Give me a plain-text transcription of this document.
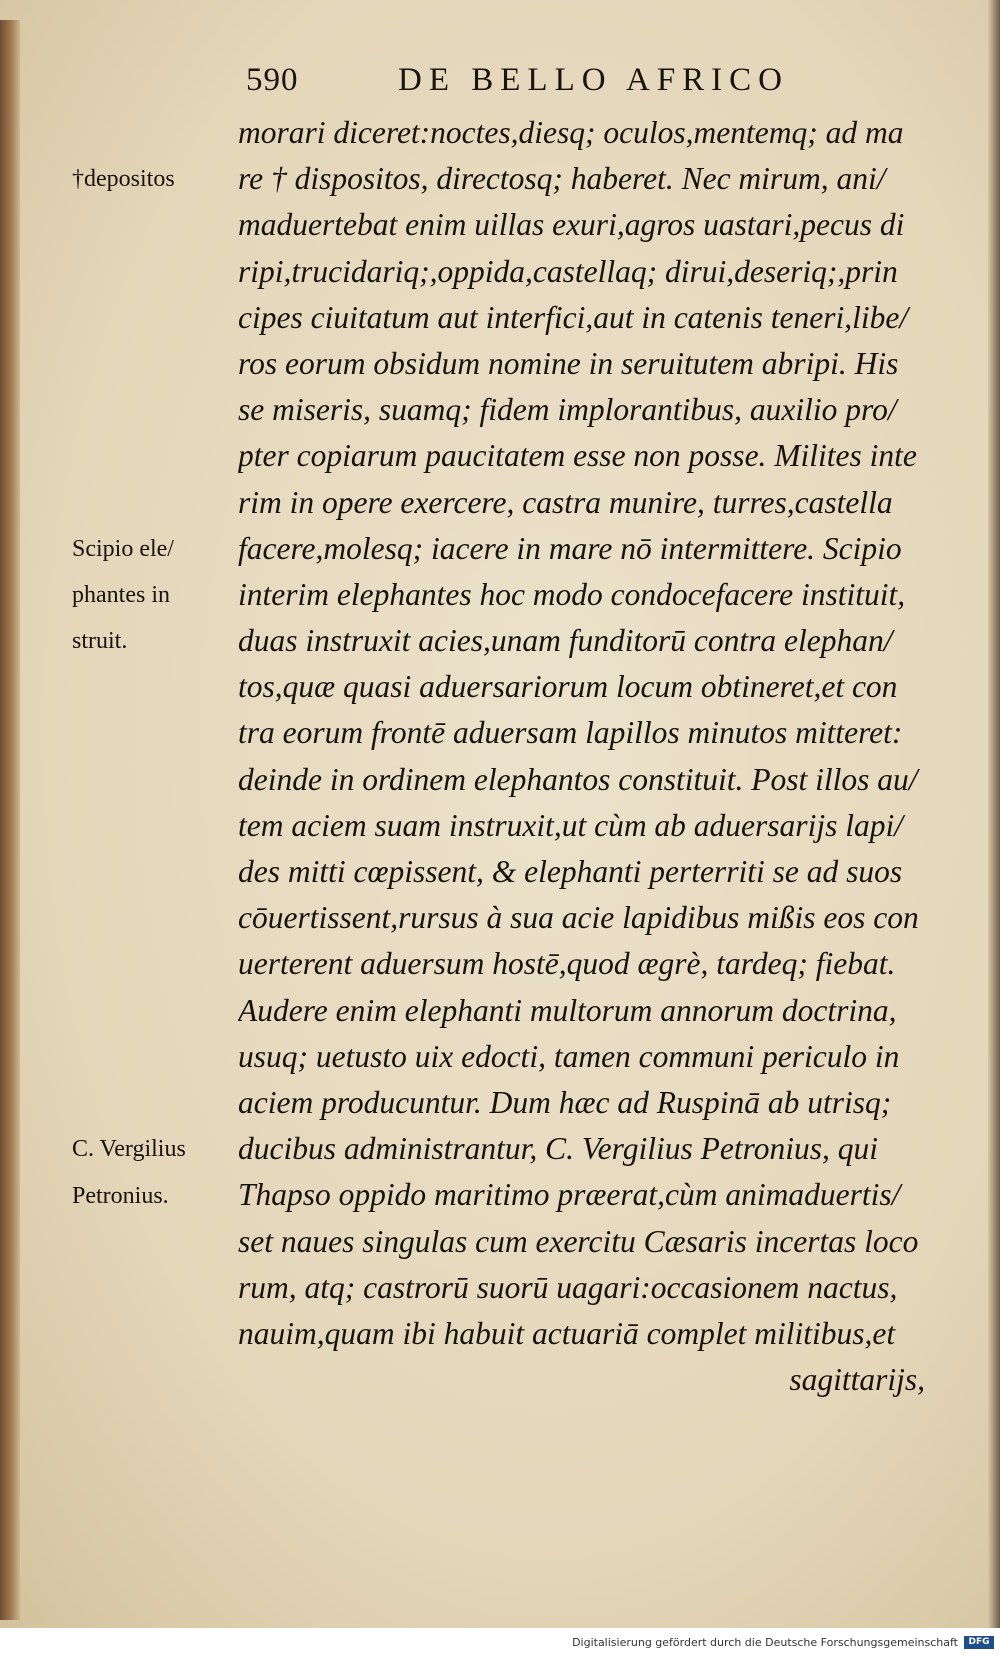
590	DE BELLO AFRICO
morari diceret:noctes,diesq; oculos,mentemq; ad ma
re † dispositos, directosq; haberet. Nec mirum, ani/
maduertebat enim uillas exuri,agros uastari,pecus di
ripi,trucidariq;,oppida,castellaq; dirui,deseriq;,prin
cipes ciuitatum aut interfici,aut in catenis teneri,libe/
ros eorum obsidum nomine in seruitutem abripi. His
se miseris, suamq; fidem implorantibus, auxilio pro/
pter copiarum paucitatem esse non posse. Milites inte
rim in opere exercere, castra munire, turres,castella
facere,molesq; iacere in mare nō intermittere. Scipio
interim elephantes hoc modo condocefacere instituit,
duas instruxit acies,unam funditorū contra elephan/
tos,quæ quasi aduersariorum locum obtineret,et con
tra eorum frontē aduersam lapillos minutos mitteret:
deinde in ordinem elephantos constituit. Post illos au/
tem aciem suam instruxit,ut cùm ab aduersarijs lapi/
des mitti cœpissent, & elephanti perterriti se ad suos
cōuertissent,rursus à sua acie lapidibus mißis eos con
uerterent aduersum hostē,quod ægrè, tardeq; fiebat.
Audere enim elephanti multorum annorum doctrina,
usuq; uetusto uix edocti, tamen communi periculo in
aciem producuntur. Dum hæc ad Ruspinā ab utrisq;
ducibus administrantur, C. Vergilius Petronius, qui
Thapso oppido maritimo præerat,cùm animaduertis/
set naues singulas cum exercitu Cæsaris incertas loco
rum, atq; castrorū suorū uagari:occasionem nactus,
nauim,quam ibi habuit actuariā complet militibus,et
sagittarijs,
†depositos
Scipio ele/
phantes in
struit.
C. Vergilius
Petronius.
Digitalisierung gefördert durch die Deutsche Forschungsgemeinschaft	DFG
